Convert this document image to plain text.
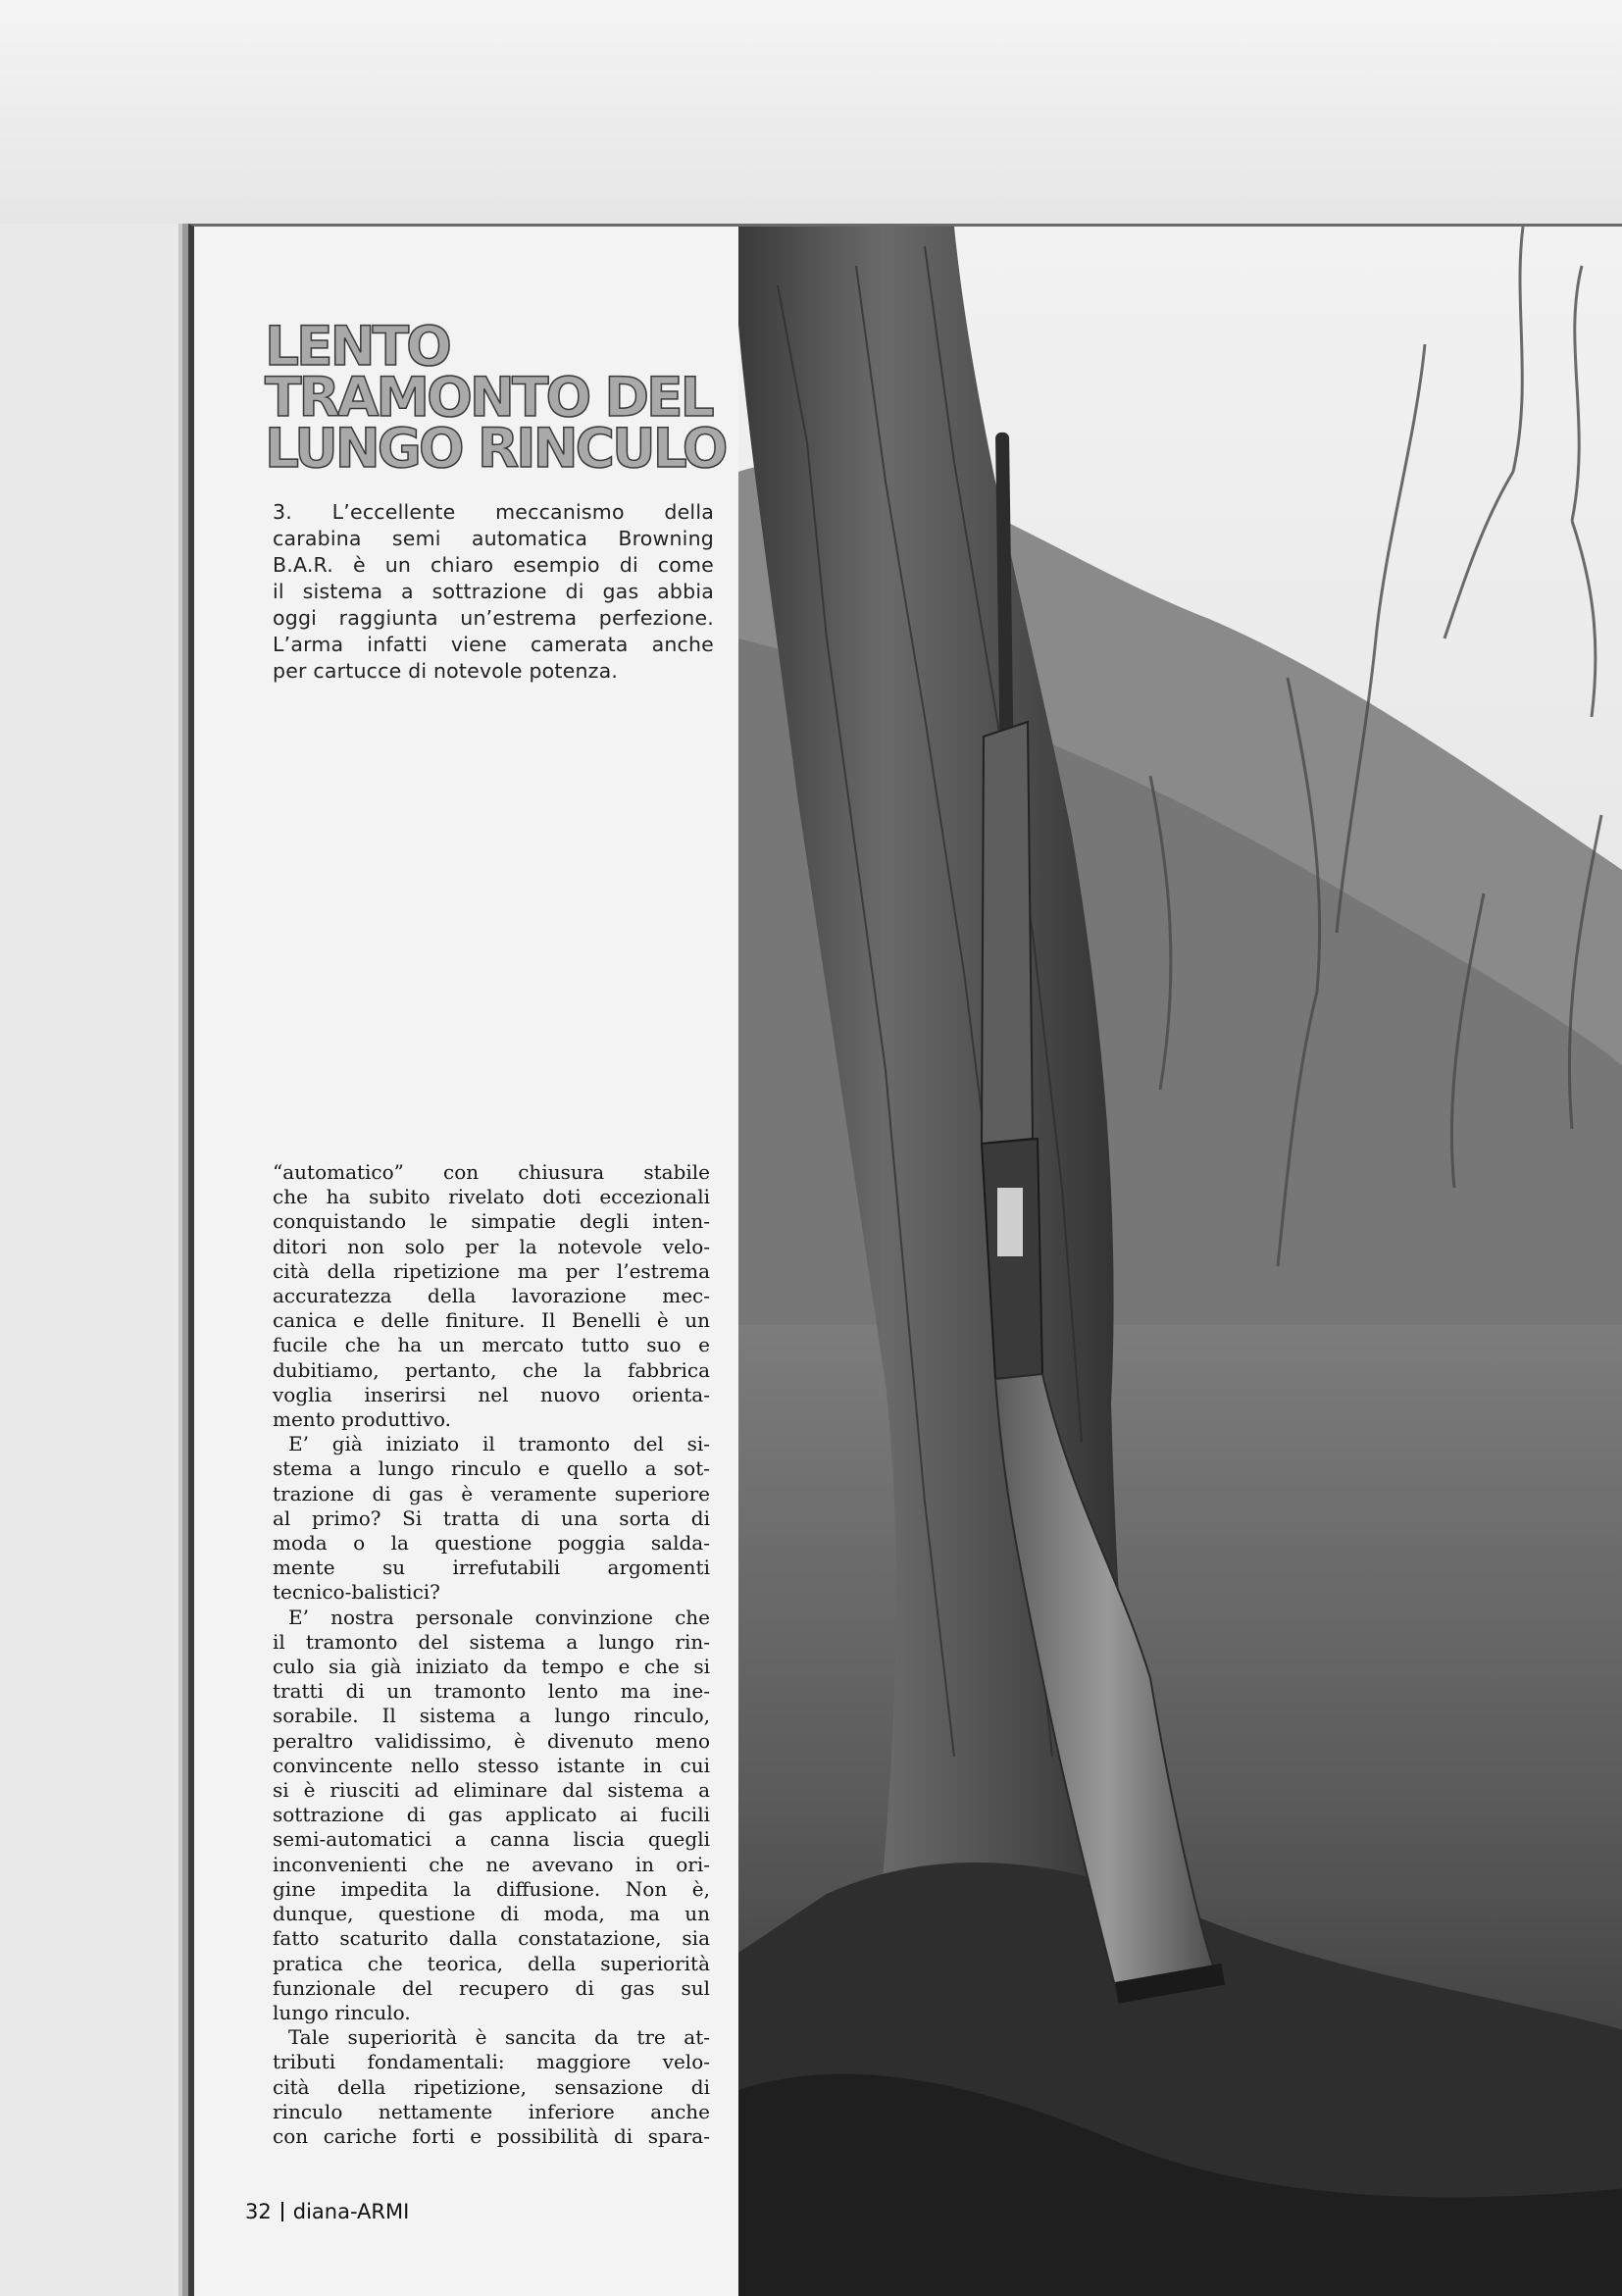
LENTO
TRAMONTO DEL
LUNGO RINCULO

3. L’eccellente meccanismo della
carabina semi automatica Browning
B.A.R. è un chiaro esempio di come
il sistema a sottrazione di gas abbia
oggi raggiunta un’estrema perfezione.
L’arma infatti viene camerata anche
per cartucce di notevole potenza.

“automatico” con chiusura stabile
che ha subito rivelato doti eccezionali
conquistando le simpatie degli inten-
ditori non solo per la notevole velo-
cità della ripetizione ma per l’estrema
accuratezza della lavorazione mec-
canica e delle finiture. Il Benelli è un
fucile che ha un mercato tutto suo e
dubitiamo, pertanto, che la fabbrica
voglia inserirsi nel nuovo orienta-
mento produttivo.

E’ già iniziato il tramonto del si-
stema a lungo rinculo e quello a sot-
trazione di gas è veramente superiore
al primo? Si tratta di una sorta di
moda o la questione poggia salda-
mente su irrefutabili argomenti
tecnico-balistici?

E’ nostra personale convinzione che
il tramonto del sistema a lungo rin-
culo sia già iniziato da tempo e che si
tratti di un tramonto lento ma ine-
sorabile. Il sistema a lungo rinculo,
peraltro validissimo, è divenuto meno
convincente nello stesso istante in cui
si è riusciti ad eliminare dal sistema a
sottrazione di gas applicato ai fucili
semi-automatici a canna liscia quegli
inconvenienti che ne avevano in ori-
gine impedita la diffusione. Non è,
dunque, questione di moda, ma un
fatto scaturito dalla constatazione, sia
pratica che teorica, della superiorità
funzionale del recupero di gas sul
lungo rinculo.

Tale superiorità è sancita da tre at-
tributi fondamentali: maggiore velo-
cità della ripetizione, sensazione di
rinculo nettamente inferiore anche
con cariche forti e possibilità di spara-

32 diana-ARMI
